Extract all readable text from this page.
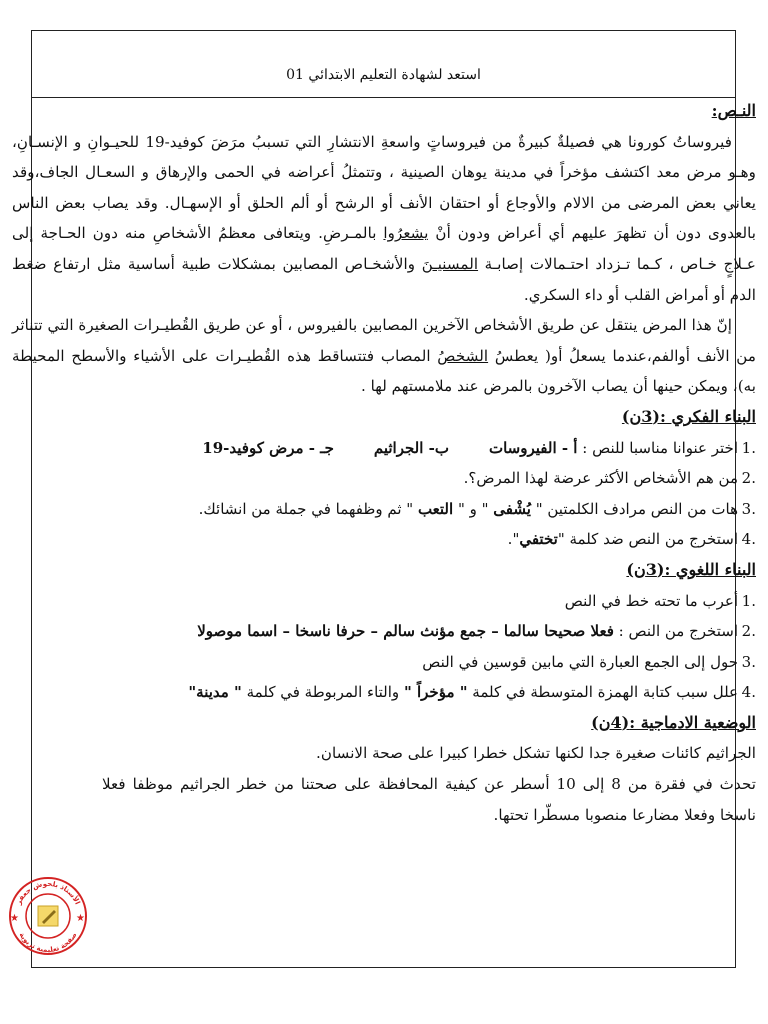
استعد لشهادة التعليم الابتدائي 01

النـص:

فيروساتُ كورونا هي فصيلةٌ كبيرةٌ من فيروساتٍ واسعةِ الانتشارِ التي تسببُ مرَضَ كوفيد-19 للحيـوانِ و الإنسـانِ، وهـو مرض معد اكتشف مؤخراً في مدينة يوهان الصينية ، وتتمثلُ أعراضه في الحمى والإرهاق و السعـال الجاف،وقد يعاني بعض المرضى من الالام والأوجاع أو احتقان الأنف أو الرشح أو ألم الحلق أو الإسهـال. وقد يصاب بعض الناس بالعدوى دون أن تظهرَ عليهم أي أعراض ودون أنْ يشعرُوا بالمـرضِ. ويتعافى معظمُ الأشخاصِ منه دون الحـاجة إلى عـلاجٍ خـاص ، كـما تـزداد احتـمالات إصابـة المسنيـنَ والأشخـاص المصابين بمشكلات طبية أساسية مثل ارتفاع ضغط الدم أو أمراض القلب أو داء السكري.

إنّ هذا المرض ينتقل عن طريق الأشخاص الآخرين المصابين بالفيروس ، أو عن طريق القُطيـرات الصغيرة التي تتناثر من الأنف أوالفم،عندما يسعلُ أو( يعطسُ الشخصُ المصاب فتتساقط هذه القُطيـرات على الأشياء والأسطح المحيطة به)، ويمكن حينها أن يصاب الآخرون بالمرض عند ملامستهم لها .

البناء الفكري :(3ن)

.1
اختر عنوانا مناسبا للنص : أ - الفيروساتب- الجراثيمجـ - مرض كوفيد-19
.2
من هم الأشخاص الأكثر عرضة لهذا المرض؟.
.3
هات من النص مرادف الكلمتين " يُشْفى " و " التعب " ثم وظفهما في جملة من انشائك.
.4
استخرج من النص ضد كلمة "تختفي".

البناء اللغوي :(3ن)

.1
أعرب ما تحته خط في النص
.2
استخرج من النص : فعلا صحيحا سالما – جمع مؤنث سالم – حرفا ناسخا – اسما موصولا
.3
حول إلى الجمع العبارة التي مابين قوسين في النص
.4
علل سبب كتابة الهمزة المتوسطة في كلمة " مؤخراً " والتاء المربوطة في كلمة " مدينة"

الوضعية الادماجية :(4ن)

الجراثيم كائنات صغيرة جدا لكنها تشكل خطرا كبيرا على صحة الانسان.

تحدث في فقرة من 8 إلى 10 أسطر عن كيفية المحافظة على صحتنا من خطر الجراثيم موظفا فعلا ناسخا وفعلا مضارعا منصوبا مسطّرا تحتها.

الأستاذ بلحوش جعفر
صفحة تعليمية تربوية
★	★
